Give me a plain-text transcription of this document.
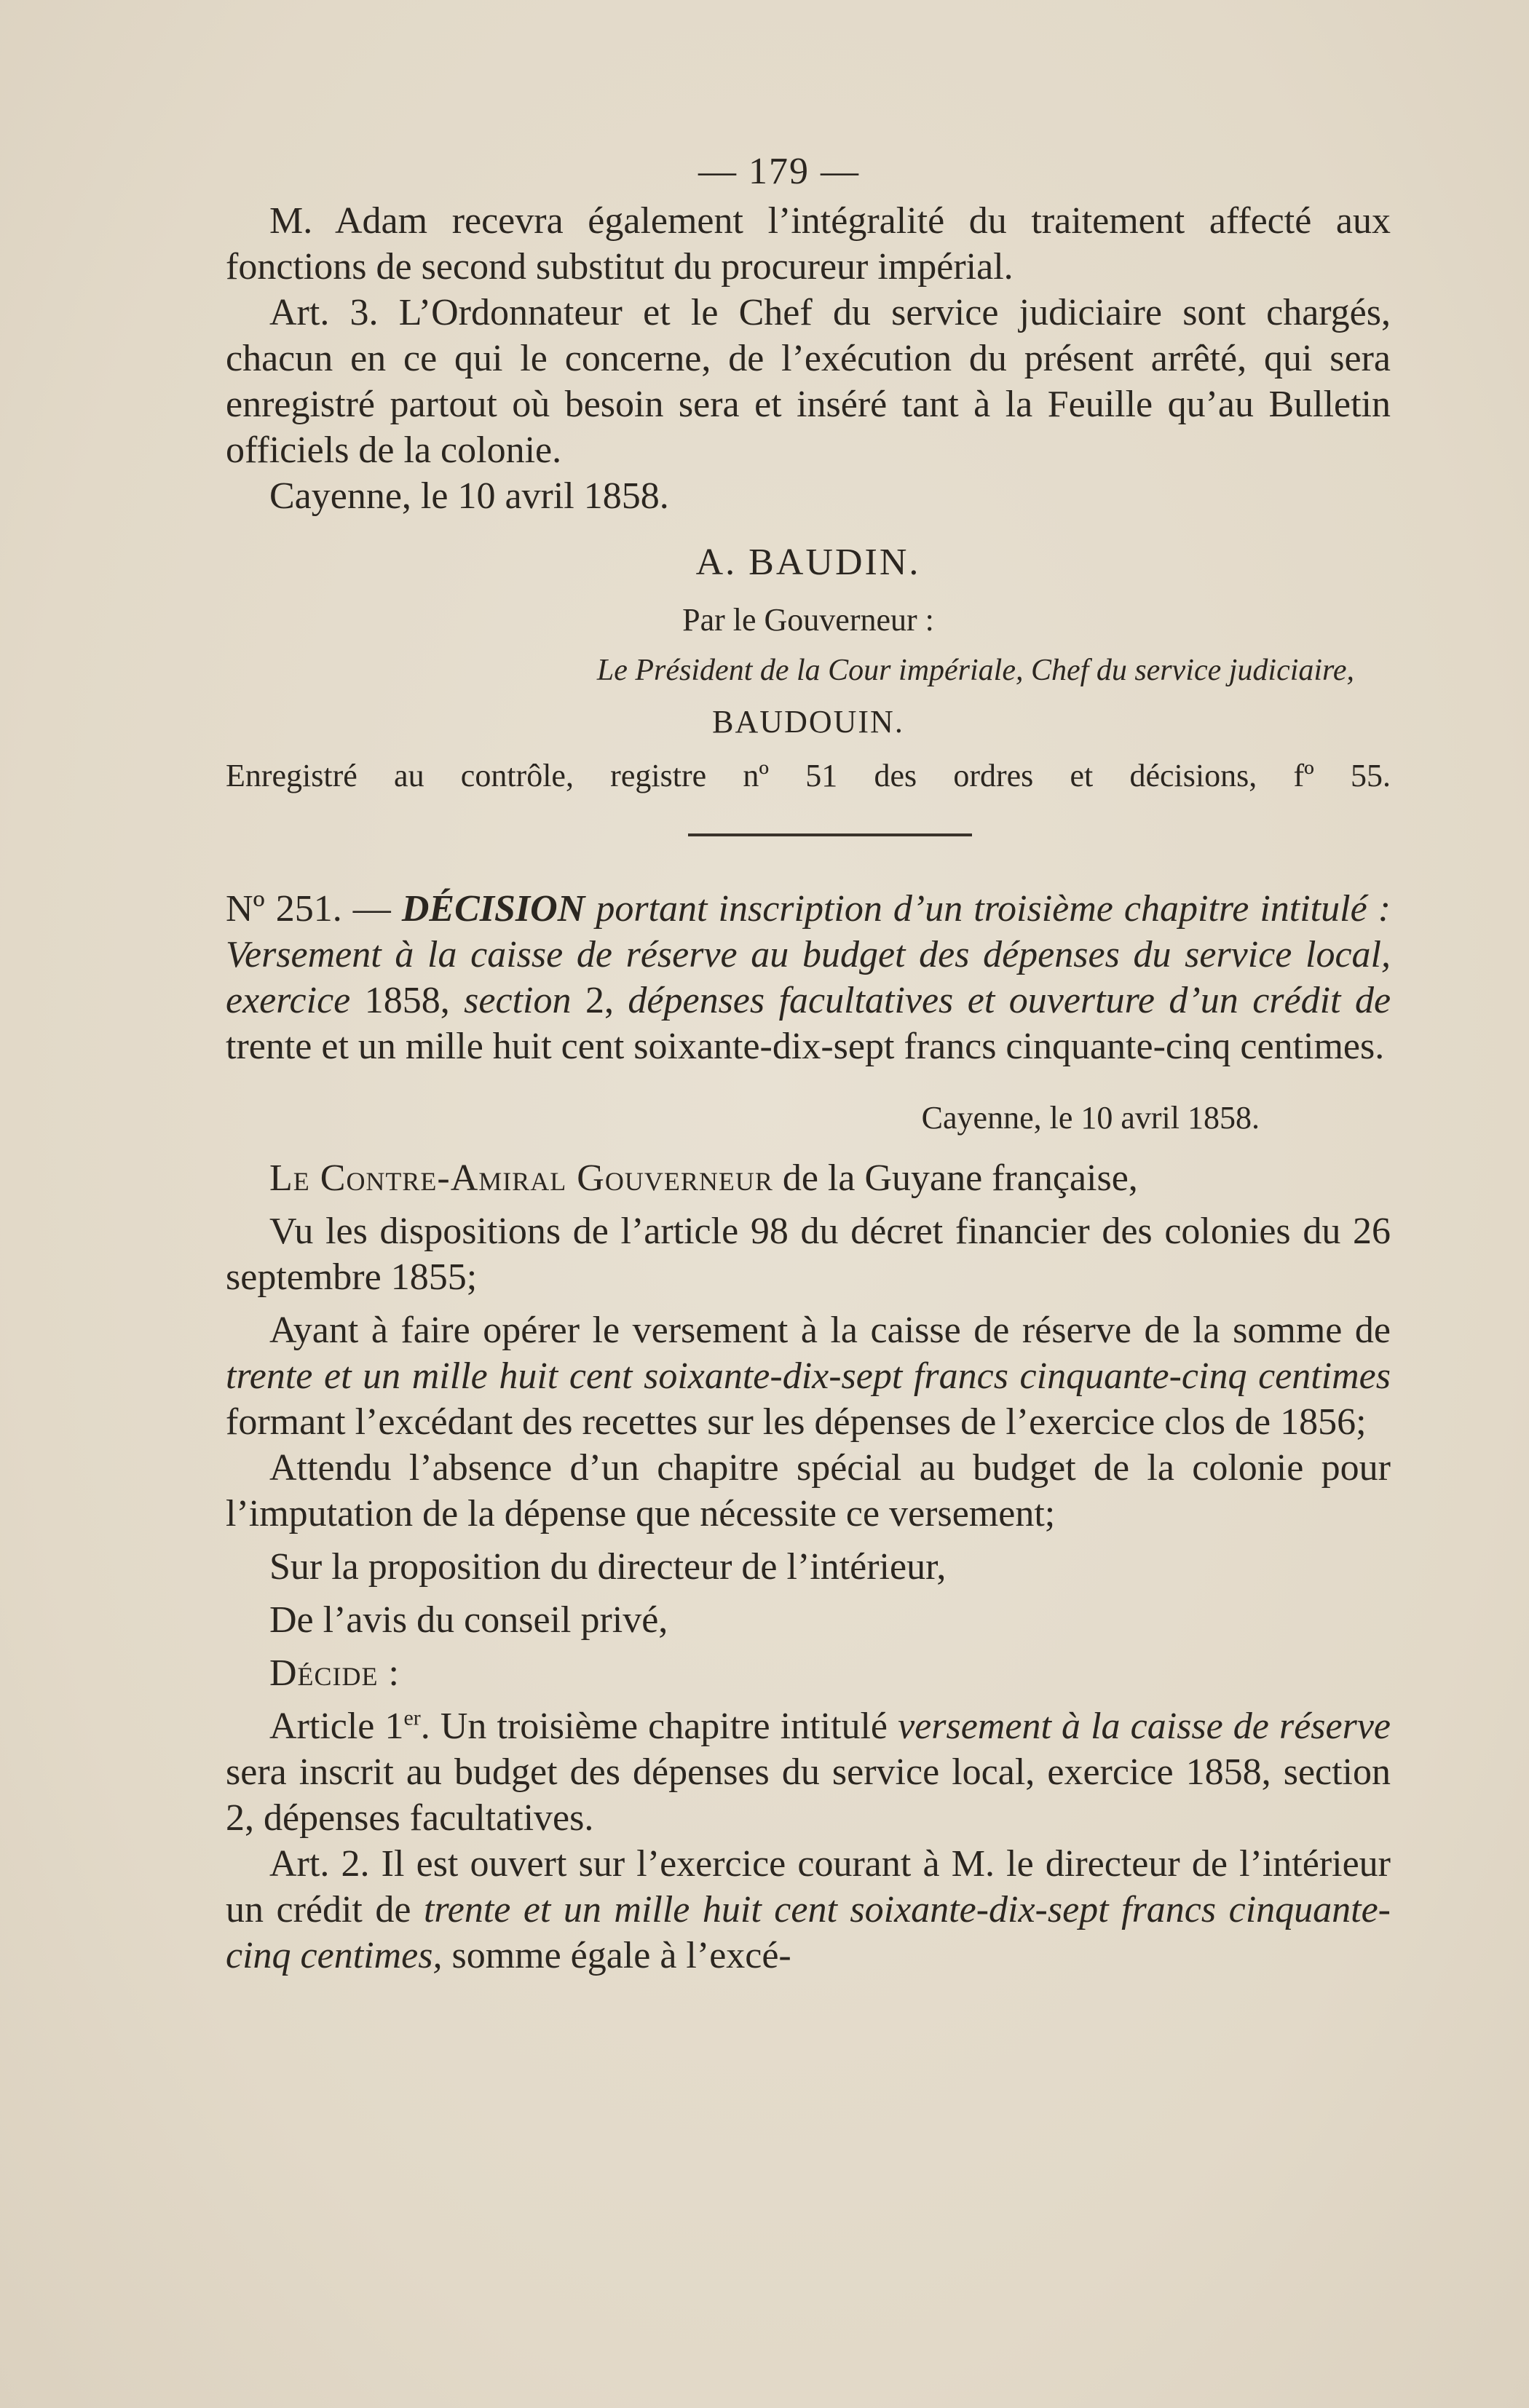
— 179 —

M. Adam recevra également l’intégralité du traitement affecté aux fonctions de second substitut du procureur impérial.

Art. 3. L’Ordonnateur et le Chef du service judiciaire sont chargés, chacun en ce qui le concerne, de l’exécution du présent arrêté, qui sera enregistré partout où besoin sera et inséré tant à la Feuille qu’au Bulletin officiels de la colonie.

Cayenne, le 10 avril 1858.

A. BAUDIN.
Par le Gouverneur :
Le Président de la Cour impériale, Chef du service judiciaire,
BAUDOUIN.
Enregistré au contrôle, registre nº 51 des ordres et décisions, fº 55.

Nº 251. — DÉCISION portant inscription d’un troisième chapitre intitulé : Versement à la caisse de réserve au budget des dépenses du service local, exercice 1858, section 2, dépenses facultatives et ouverture d’un crédit de trente et un mille huit cent soixante-dix-sept francs cinquante-cinq centimes.

Cayenne, le 10 avril 1858.

Le Contre-Amiral Gouverneur de la Guyane française,

Vu les dispositions de l’article 98 du décret financier des colonies du 26 septembre 1855;

Ayant à faire opérer le versement à la caisse de réserve de la somme de trente et un mille huit cent soixante-dix-sept francs cinquante-cinq centimes formant l’excédant des recettes sur les dépenses de l’exercice clos de 1856;

Attendu l’absence d’un chapitre spécial au budget de la colonie pour l’imputation de la dépense que nécessite ce versement;

Sur la proposition du directeur de l’intérieur,

De l’avis du conseil privé,

Décide :

Article 1er. Un troisième chapitre intitulé versement à la caisse de réserve sera inscrit au budget des dépenses du service local, exercice 1858, section 2, dépenses facultatives.

Art. 2. Il est ouvert sur l’exercice courant à M. le directeur de l’intérieur un crédit de trente et un mille huit cent soixante-dix-sept francs cinquante-cinq centimes, somme égale à l’excé-
